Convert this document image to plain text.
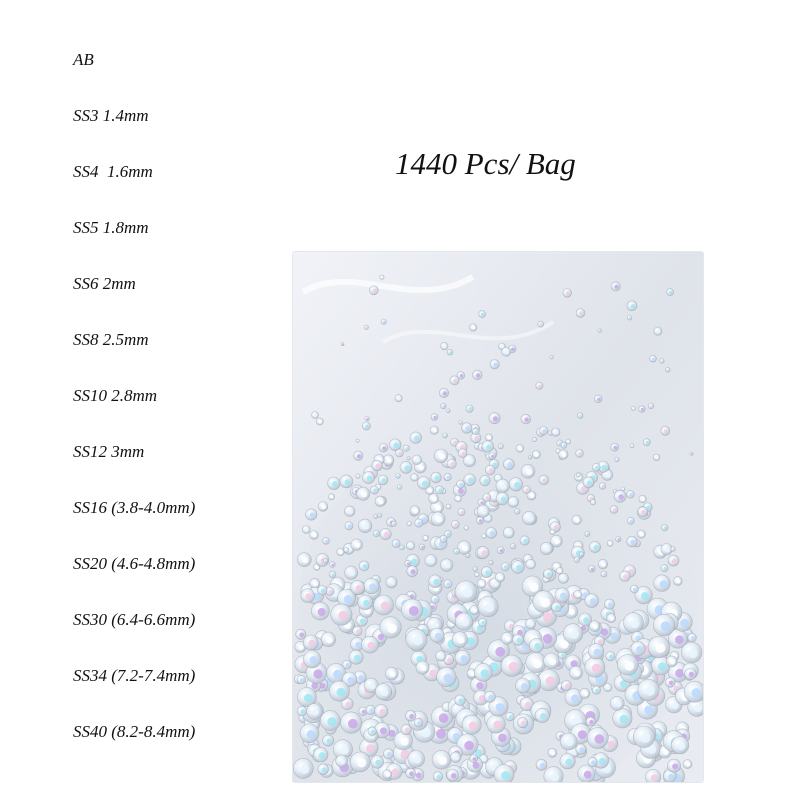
AB
SS3 1.4mm
SS4  1.6mm
SS5 1.8mm
SS6 2mm
SS8 2.5mm
SS10 2.8mm
SS12 3mm
SS16 (3.8-4.0mm)
SS20 (4.6-4.8mm)
SS30 (6.4-6.6mm)
SS34 (7.2-7.4mm)
SS40 (8.2-8.4mm)
1440 Pcs/ Bag
